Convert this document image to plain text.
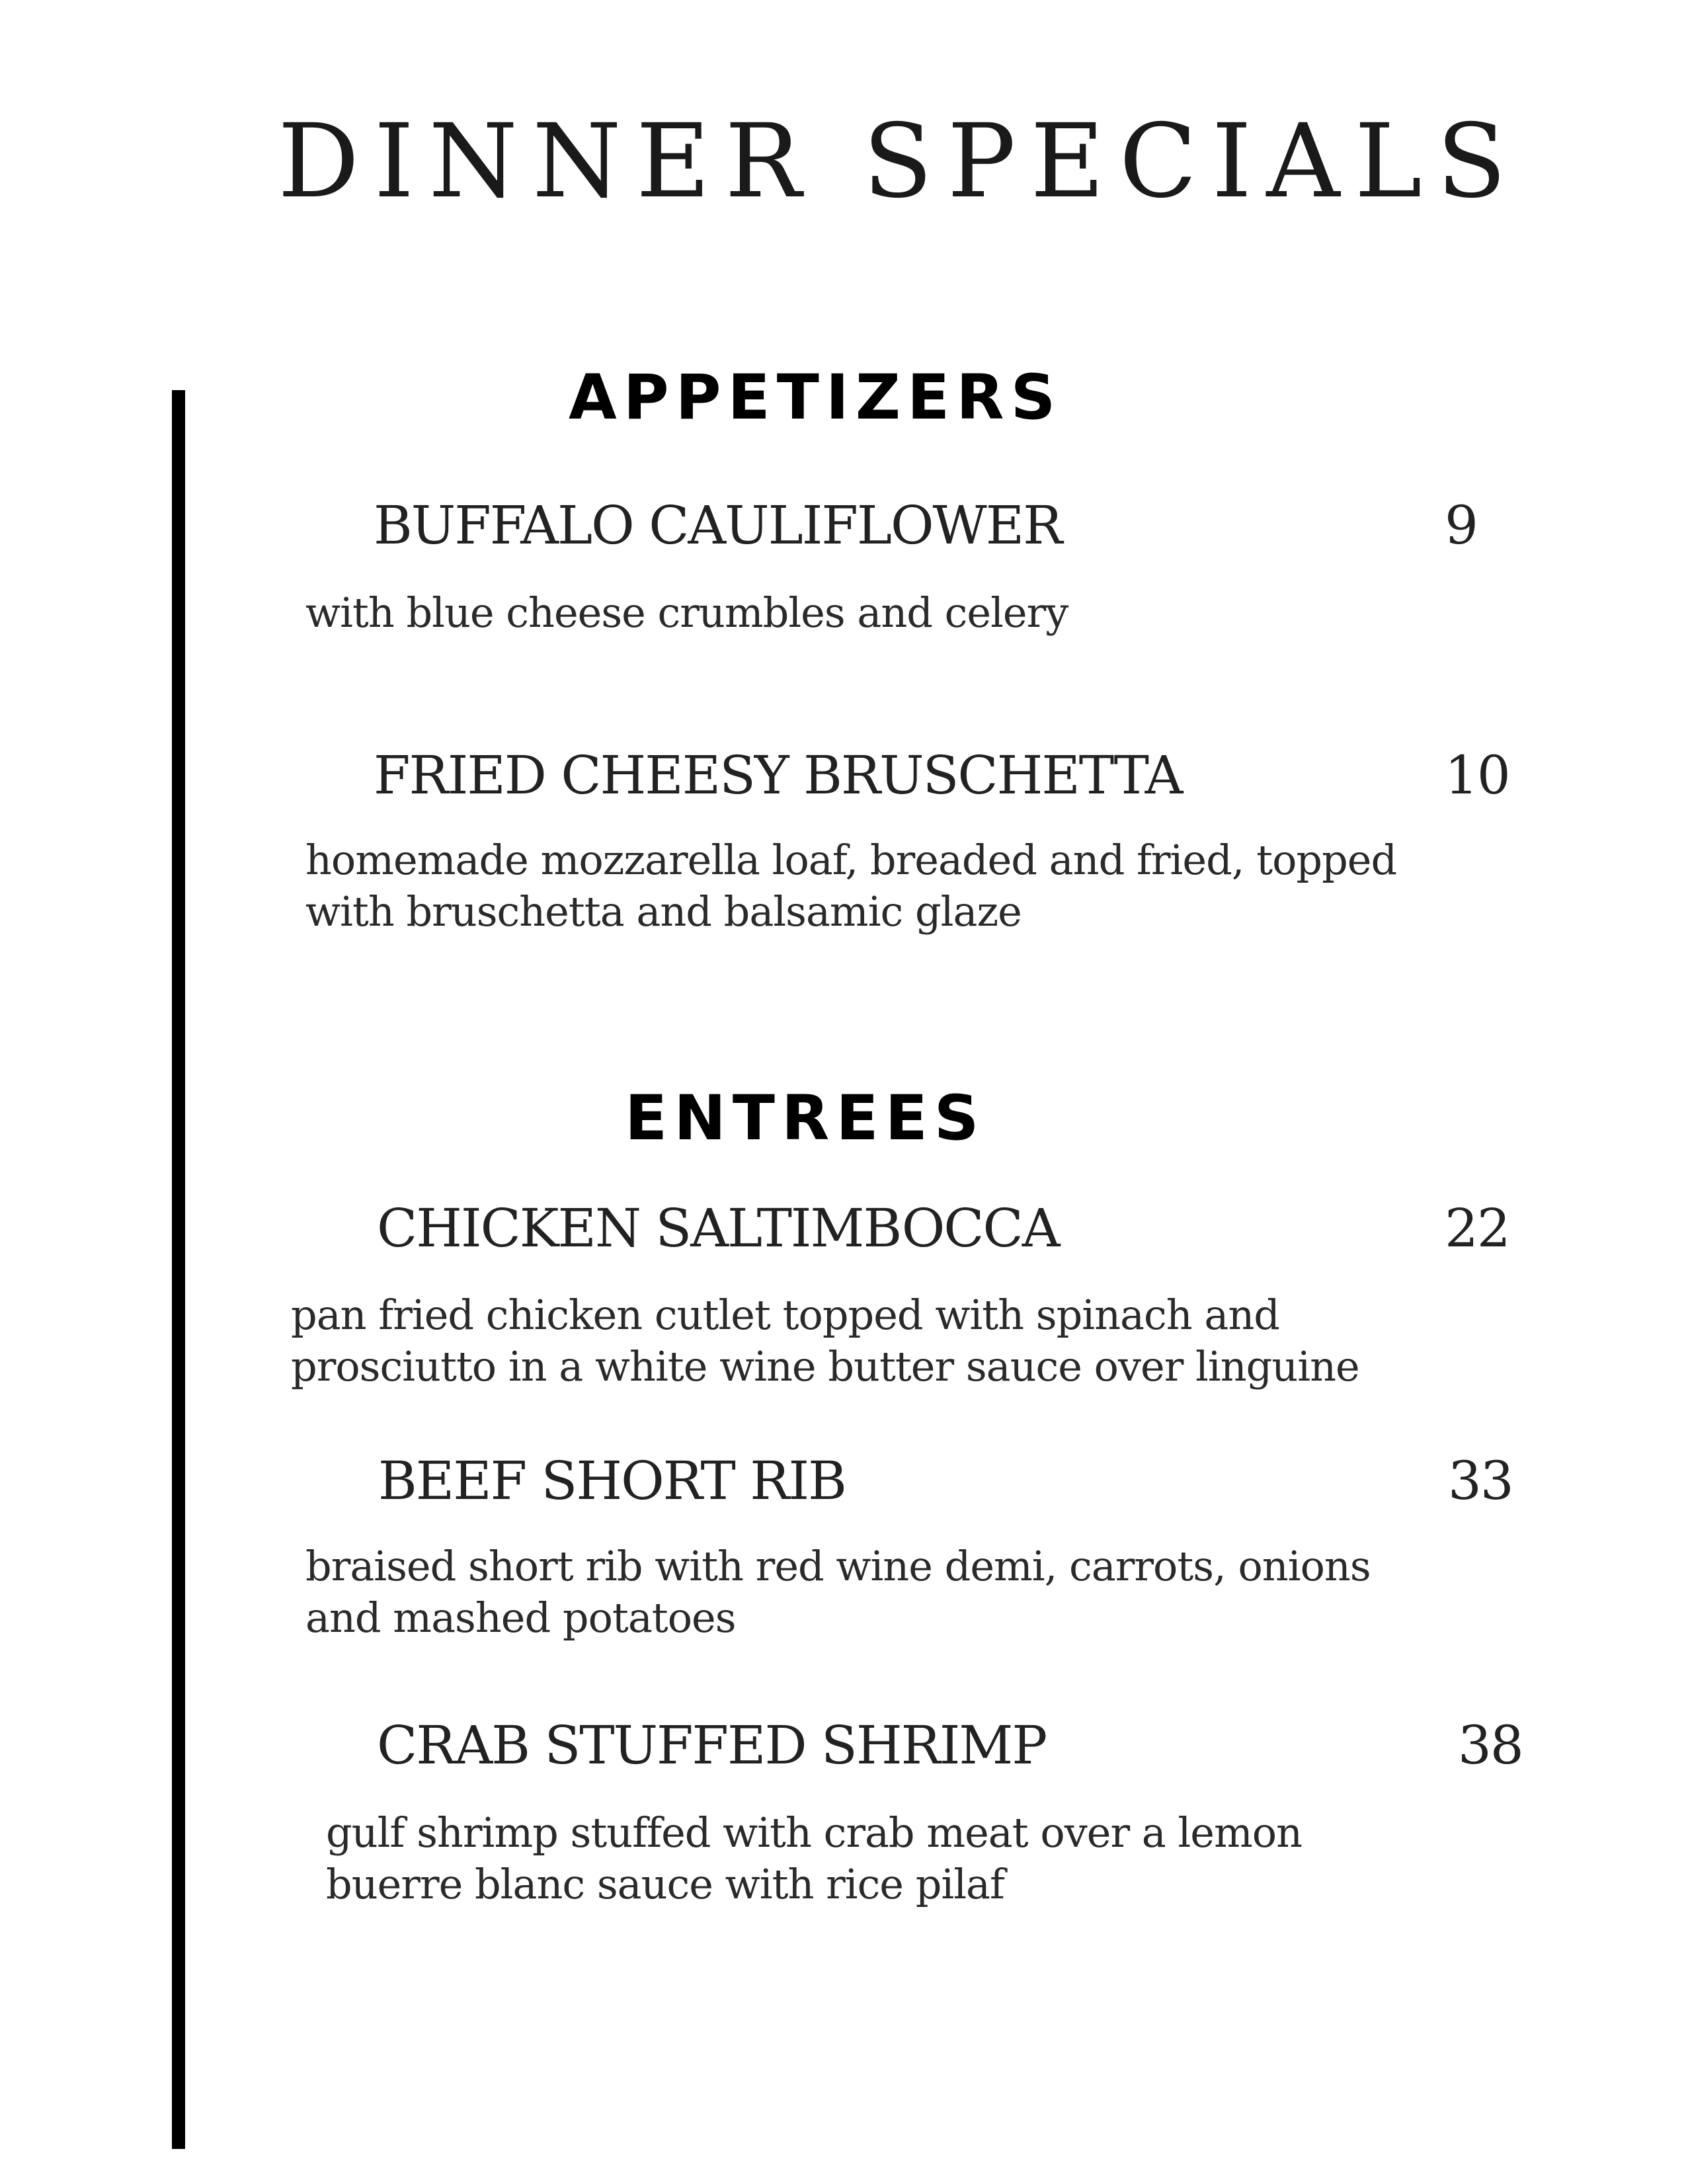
DINNER SPECIALS
APPETIZERS
BUFFALO CAULIFLOWER	9
with blue cheese crumbles and celery
FRIED CHEESY BRUSCHETTA	10
homemade mozzarella loaf, breaded and fried, topped
with bruschetta and balsamic glaze
ENTREES
CHICKEN SALTIMBOCCA	22
pan fried chicken cutlet topped with spinach and
prosciutto in a white wine butter sauce over linguine
BEEF SHORT RIB	33
braised short rib with red wine demi, carrots, onions
and mashed potatoes
CRAB STUFFED SHRIMP	38
gulf shrimp stuffed with crab meat over a lemon
buerre blanc sauce with rice pilaf
